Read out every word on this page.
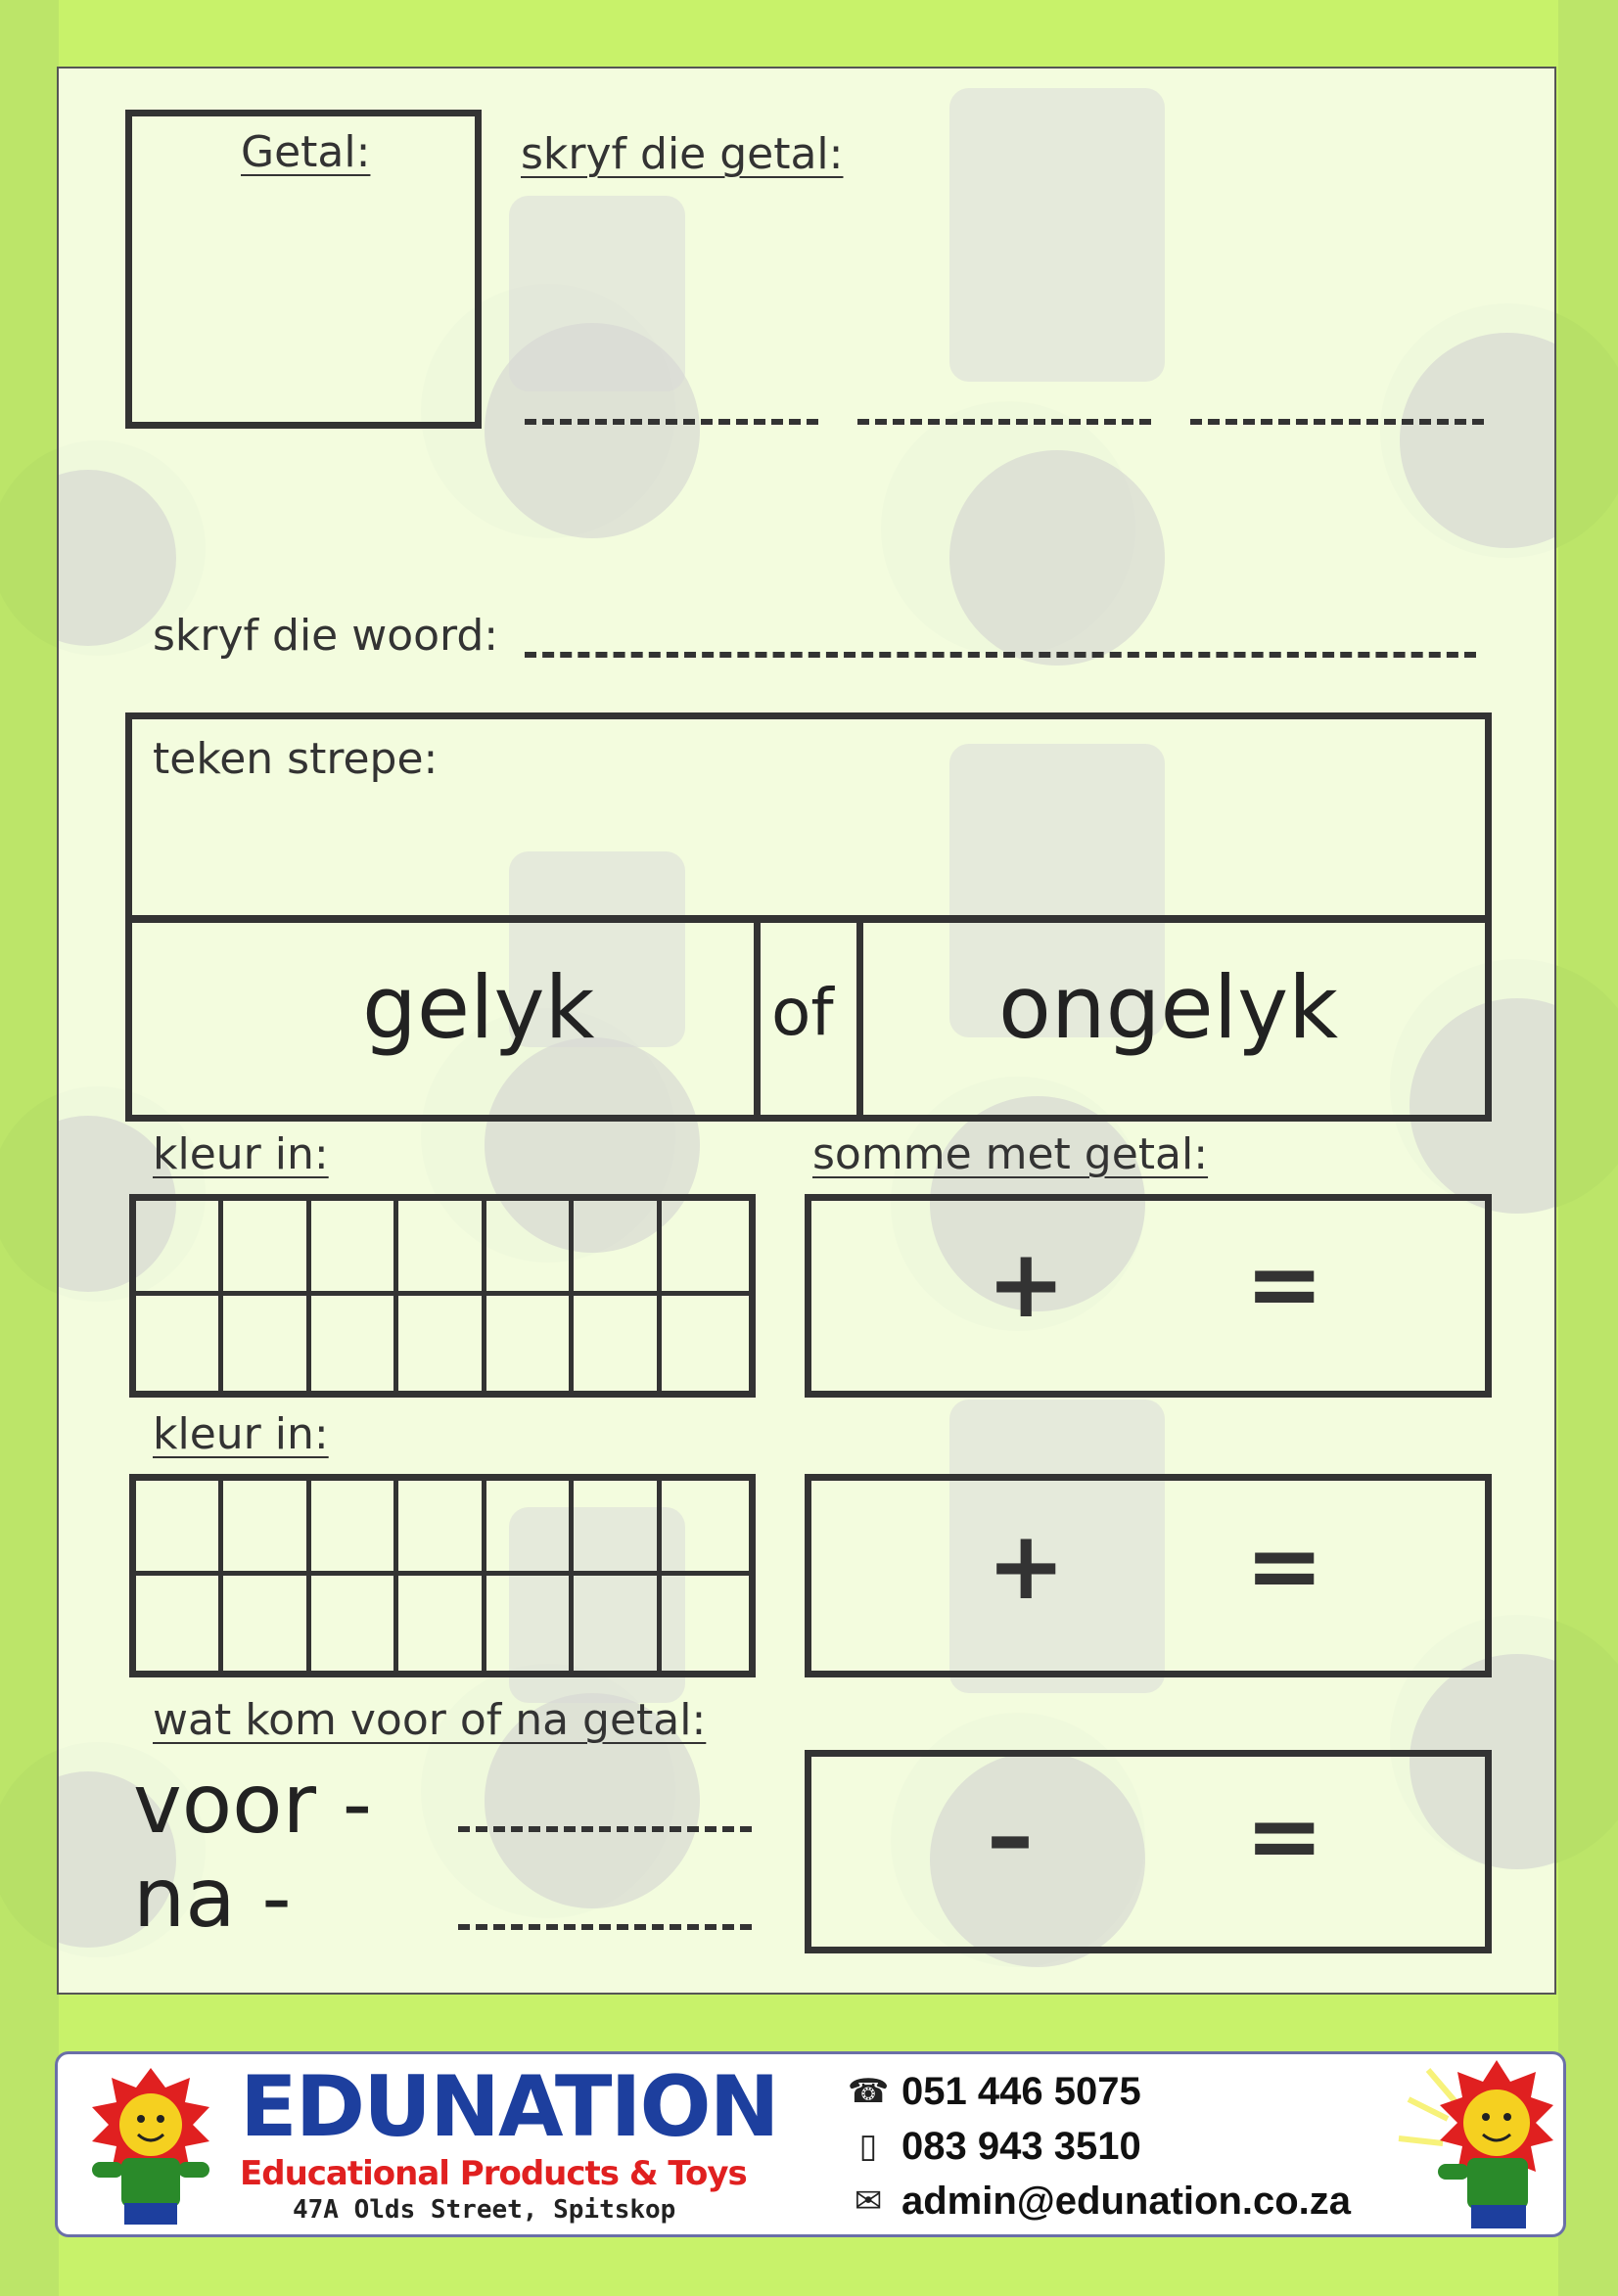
Getal:	skryf die getal:
skryf die woord:
teken strepe:
gelyk	of ongelyk
kleur in:	somme met getal:
+ =
kleur in:
+ =
wat kom voor of na getal:
voor -
na -
– =
EDUNATION
Educational Products & Toys
47A Olds Street, Spitskop
☎ 051 446 5075
▯ 083 943 3510
✉ admin@edunation.co.za
